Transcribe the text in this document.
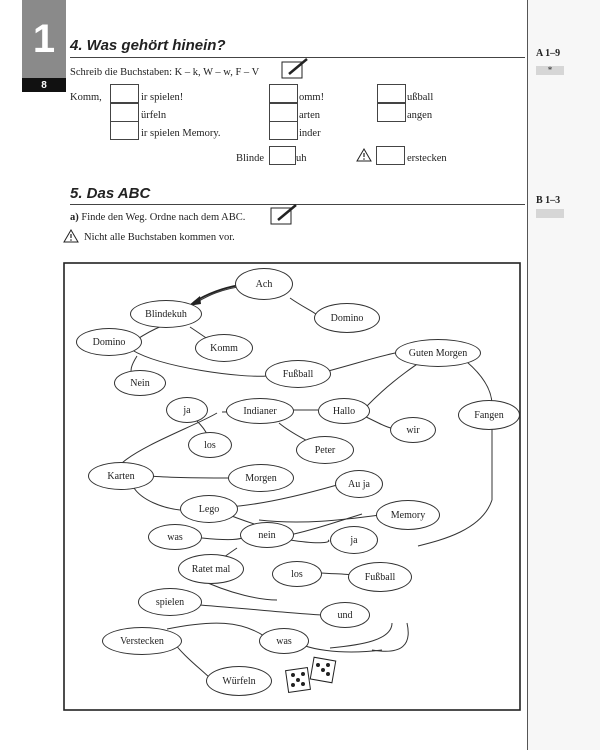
1
8
4. Was gehört hinein?	A 1–9
*
Schreib die Buchstaben: K – k, W – w, F – V
Komm,	ir spielen!	omm!	ußball
ürfeln	arten	angen
ir spielen Memory.	inder
Blinde	uh	erstecken
5. Das ABC	B 1–3
a) Finde den Weg. Ordne nach dem ABC.
Nicht alle Buchstaben kommen vor.
Ach
Blindekuh	Domino
Domino
Komm
Nein
Fußball
Guten Morgen
ja	Indianer	Hallo	Fangen
los
wir
Peter
Karten	Morgen
Au ja
Lego
Memory
was	nein	ja
Ratet mal	los	Fußball
spielen
und
Verstecken	was
Würfeln
